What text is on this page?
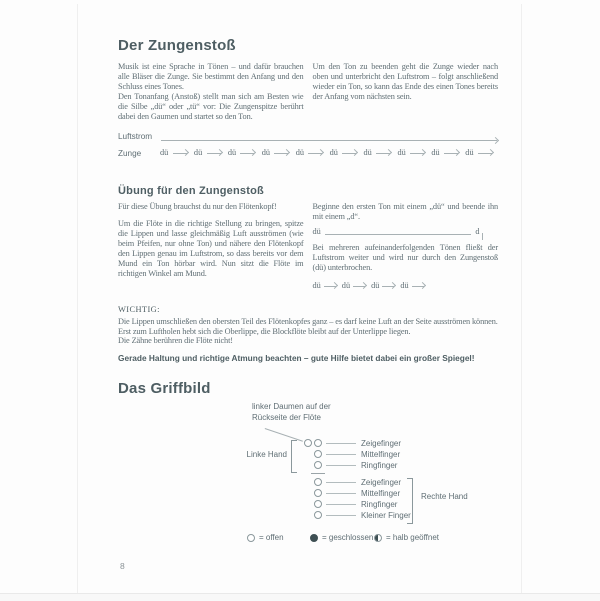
Der Zungenstoß

Musik ist eine Sprache in Tönen – und dafür brauchen alle Bläser die Zunge. Sie bestimmt den Anfang und den Schluss eines Tones.

Den Tonanfang (Anstoß) stellt man sich am Besten wie die Silbe „dü“ oder „tü“ vor: Die Zungenspitze berührt dabei den Gaumen und startet so den Ton.

Um den Ton zu beenden geht die Zunge wieder nach oben und unterbricht den Luftstrom – folgt anschließend wieder ein Ton, so kann das Ende des einen Tones bereits der Anfang vom nächsten sein.

Luftstrom
Zunge dü	dü	dü	dü	dü	dü	dü	dü	dü	dü
Übung für den Zungenstoß

Für diese Übung brauchst du nur den Flötenkopf!

Um die Flöte in die richtige Stellung zu bringen, spitze die Lippen und lasse gleichmäßig Luft ausströmen (wie beim Pfeifen, nur ohne Ton) und nähere den Flötenkopf den Lippen genau im Luftstrom, so dass bereits vor dem Mund ein Ton hörbar wird. Nun sitzt die Flöte im richtigen Winkel am Mund.

Beginne den ersten Ton mit einem „dü“ und beende ihn mit einem „d“.

dü	d

Bei mehreren aufeinanderfolgenden Tönen fließt der Luftstrom weiter und wird nur durch den Zungenstoß (dü) unterbrochen.

dü	dü	dü	dü
WICHTIG:
Die Lippen umschließen den obersten Teil des Flötenkopfes ganz – es darf keine Luft an der Seite ausströmen können.
Erst zum Luftholen hebt sich die Oberlippe, die Blockflöte bleibt auf der Unterlippe liegen.
Die Zähne berühren die Flöte nicht!
Gerade Haltung und richtige Atmung beachten – gute Hilfe bietet dabei ein großer Spiegel!
Das Griffbild
linker Daumen auf der
Rückseite der Flöte
Linke Hand
Zeigefinger
Mittelfinger
Ringfinger
Zeigefinger
Mittelfinger
Ringfinger
Kleiner Finger
Rechte Hand
= offen	= geschlossen = halb geöffnet
8
